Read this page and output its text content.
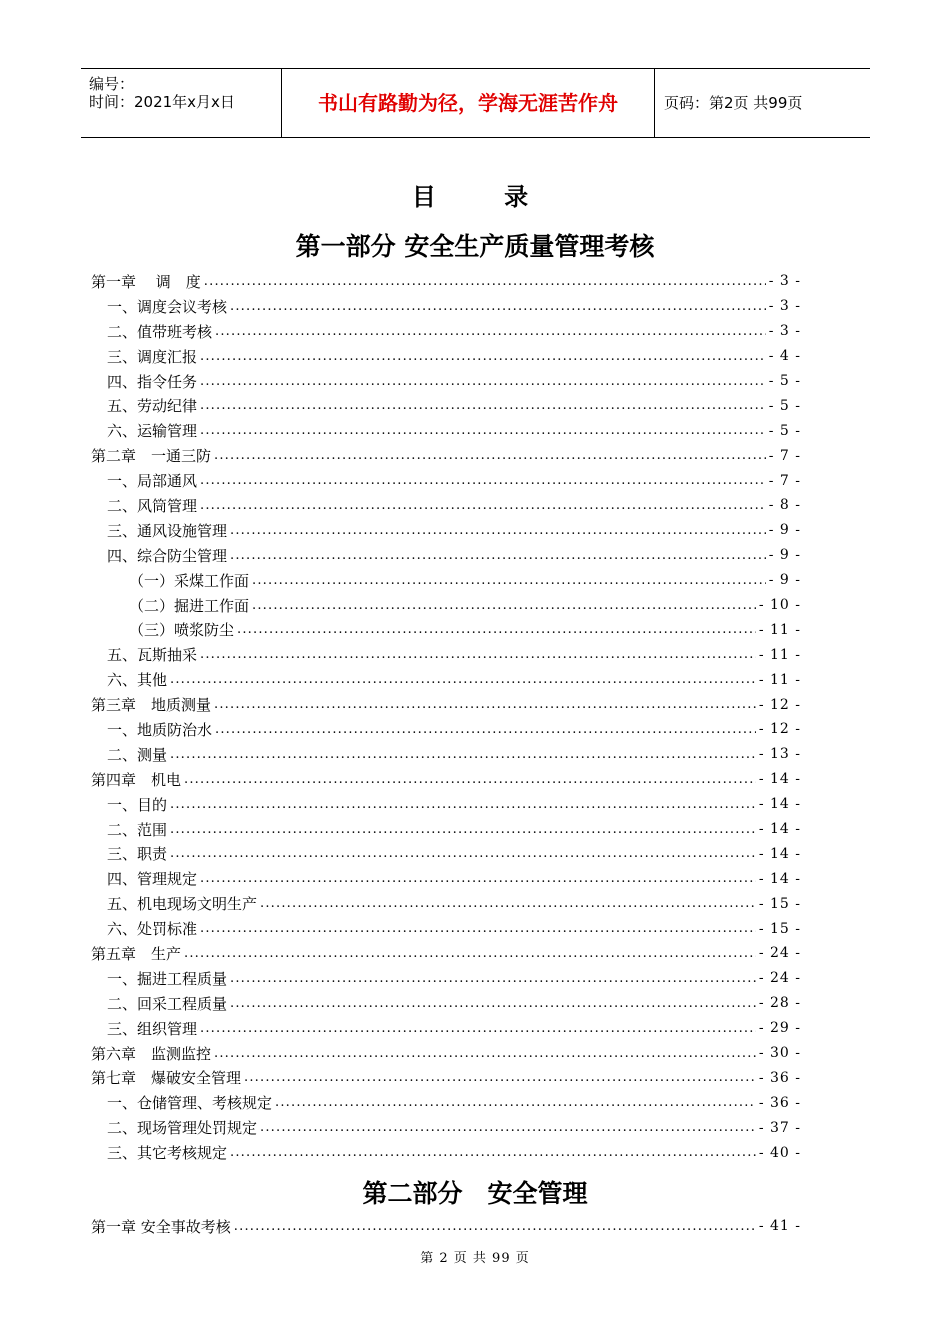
编号：
时间：2021年x月x日	书山有路勤为径，学海无涯苦作舟	页码：第2页 共99页
目 录
第一部分 安全生产质量管理考核
第一章　 调　度 .....	- 3 -
一、调度会议考核 .....	- 3 -
二、值带班考核 .....	- 3 -
三、调度汇报 .....	- 4 -
四、指令任务 .....	- 5 -
五、劳动纪律 .....	- 5 -
六、运输管理 .....	- 5 -
第二章　一通三防 .....	- 7 -
一、局部通风 .....	- 7 -
二、风筒管理 .....	- 8 -
三、通风设施管理 .....	- 9 -
四、综合防尘管理 .....	- 9 -
（一）采煤工作面 .....	- 9 -
（二）掘进工作面 .....	- 10 -
（三）喷浆防尘 .....	- 11 -
五、瓦斯抽采 .....	- 11 -
六、其他 .....	- 11 -
第三章　地质测量 .....	- 12 -
一、地质防治水 .....	- 12 -
二、测量 .....	- 13 -
第四章　机电 .....	- 14 -
一、目的 .....	- 14 -
二、范围 .....	- 14 -
三、职责 .....	- 14 -
四、管理规定 .....	- 14 -
五、机电现场文明生产 .....	- 15 -
六、处罚标准 .....	- 15 -
第五章　生产 .....	- 24 -
一、掘进工程质量 .....	- 24 -
二、回采工程质量 .....	- 28 -
三、组织管理 .....	- 29 -
第六章　监测监控 .....	- 30 -
第七章　爆破安全管理 .....	- 36 -
一、仓储管理、考核规定 .....	- 36 -
二、现场管理处罚规定 .....	- 37 -
三、其它考核规定 .....	- 40 -
第二部分　安全管理
第一章 安全事故考核 .....	- 41 -
第 2 页 共 99 页
